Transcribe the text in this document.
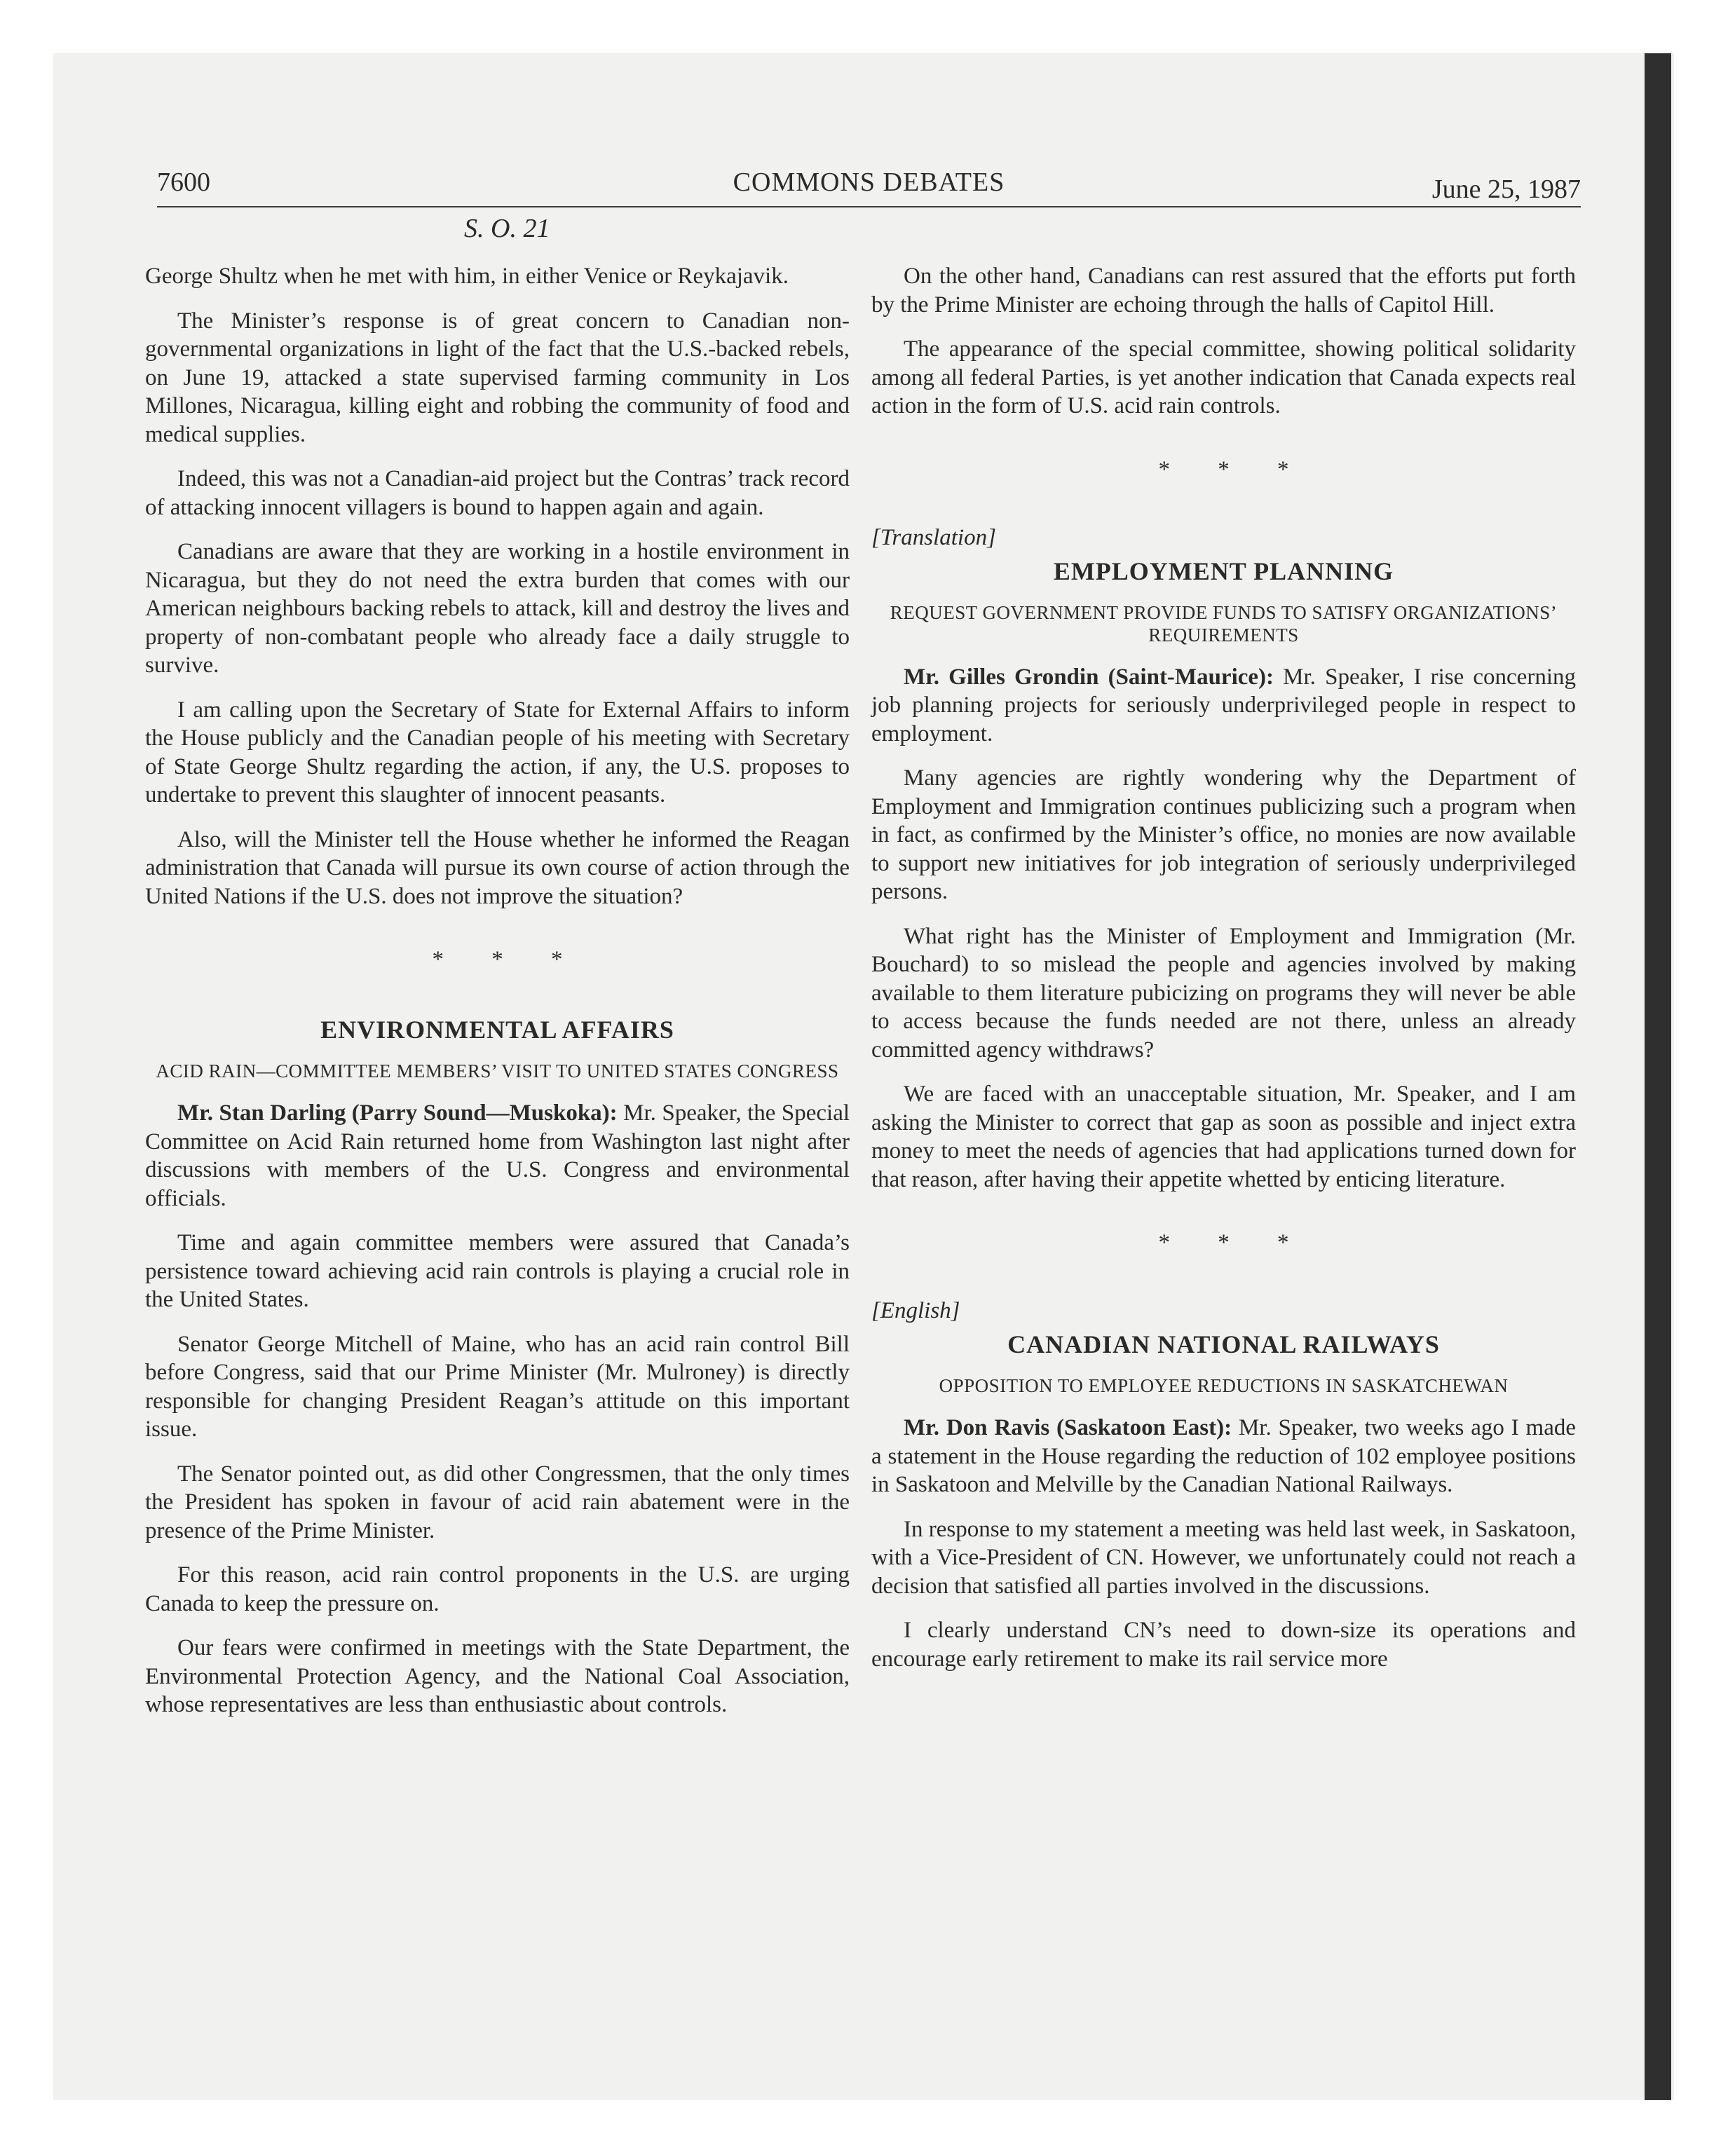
7600	COMMONS DEBATES	June 25, 1987
S. O. 21

George Shultz when he met with him, in either Venice or Reykajavik.

The Minister’s response is of great concern to Canadian non-governmental organizations in light of the fact that the U.S.-backed rebels, on June 19, attacked a state supervised farming community in Los Millones, Nicaragua, killing eight and robbing the community of food and medical supplies.

Indeed, this was not a Canadian-aid project but the Contras’ track record of attacking innocent villagers is bound to happen again and again.

Canadians are aware that they are working in a hostile environment in Nicaragua, but they do not need the extra burden that comes with our American neighbours backing rebels to attack, kill and destroy the lives and property of non-combatant people who already face a daily struggle to survive.

I am calling upon the Secretary of State for External Affairs to inform the House publicly and the Canadian people of his meeting with Secretary of State George Shultz regarding the action, if any, the U.S. proposes to undertake to prevent this slaughter of innocent peasants.

Also, will the Minister tell the House whether he informed the Reagan administration that Canada will pursue its own course of action through the United Nations if the U.S. does not improve the situation?

* * *
ENVIRONMENTAL AFFAIRS
ACID RAIN—COMMITTEE MEMBERS’ VISIT TO UNITED STATES CONGRESS

Mr. Stan Darling (Parry Sound—Muskoka): Mr. Speaker, the Special Committee on Acid Rain returned home from Washington last night after discussions with members of the U.S. Congress and environmental officials.

Time and again committee members were assured that Canada’s persistence toward achieving acid rain controls is playing a crucial role in the United States.

Senator George Mitchell of Maine, who has an acid rain control Bill before Congress, said that our Prime Minister (Mr. Mulroney) is directly responsible for changing President Reagan’s attitude on this important issue.

The Senator pointed out, as did other Congressmen, that the only times the President has spoken in favour of acid rain abatement were in the presence of the Prime Minister.

For this reason, acid rain control proponents in the U.S. are urging Canada to keep the pressure on.

Our fears were confirmed in meetings with the State Department, the Environmental Protection Agency, and the National Coal Association, whose representatives are less than enthusiastic about controls.

On the other hand, Canadians can rest assured that the efforts put forth by the Prime Minister are echoing through the halls of Capitol Hill.

The appearance of the special committee, showing political solidarity among all federal Parties, is yet another indication that Canada expects real action in the form of U.S. acid rain controls.

* * *
[Translation]
EMPLOYMENT PLANNING
REQUEST GOVERNMENT PROVIDE FUNDS TO SATISFY ORGANIZATIONS’ REQUIREMENTS

Mr. Gilles Grondin (Saint-Maurice): Mr. Speaker, I rise concerning job planning projects for seriously underprivileged people in respect to employment.

Many agencies are rightly wondering why the Department of Employment and Immigration continues publicizing such a program when in fact, as confirmed by the Minister’s office, no monies are now available to support new initiatives for job integration of seriously underprivileged persons.

What right has the Minister of Employment and Immigration (Mr. Bouchard) to so mislead the people and agencies involved by making available to them literature pubicizing on programs they will never be able to access because the funds needed are not there, unless an already committed agency withdraws?

We are faced with an unacceptable situation, Mr. Speaker, and I am asking the Minister to correct that gap as soon as possible and inject extra money to meet the needs of agencies that had applications turned down for that reason, after having their appetite whetted by enticing literature.

* * *
[English]
CANADIAN NATIONAL RAILWAYS
OPPOSITION TO EMPLOYEE REDUCTIONS IN SASKATCHEWAN

Mr. Don Ravis (Saskatoon East): Mr. Speaker, two weeks ago I made a statement in the House regarding the reduction of 102 employee positions in Saskatoon and Melville by the Canadian National Railways.

In response to my statement a meeting was held last week, in Saskatoon, with a Vice-President of CN. However, we unfortunately could not reach a decision that satisfied all parties involved in the discussions.

I clearly understand CN’s need to down-size its operations and encourage early retirement to make its rail service more
